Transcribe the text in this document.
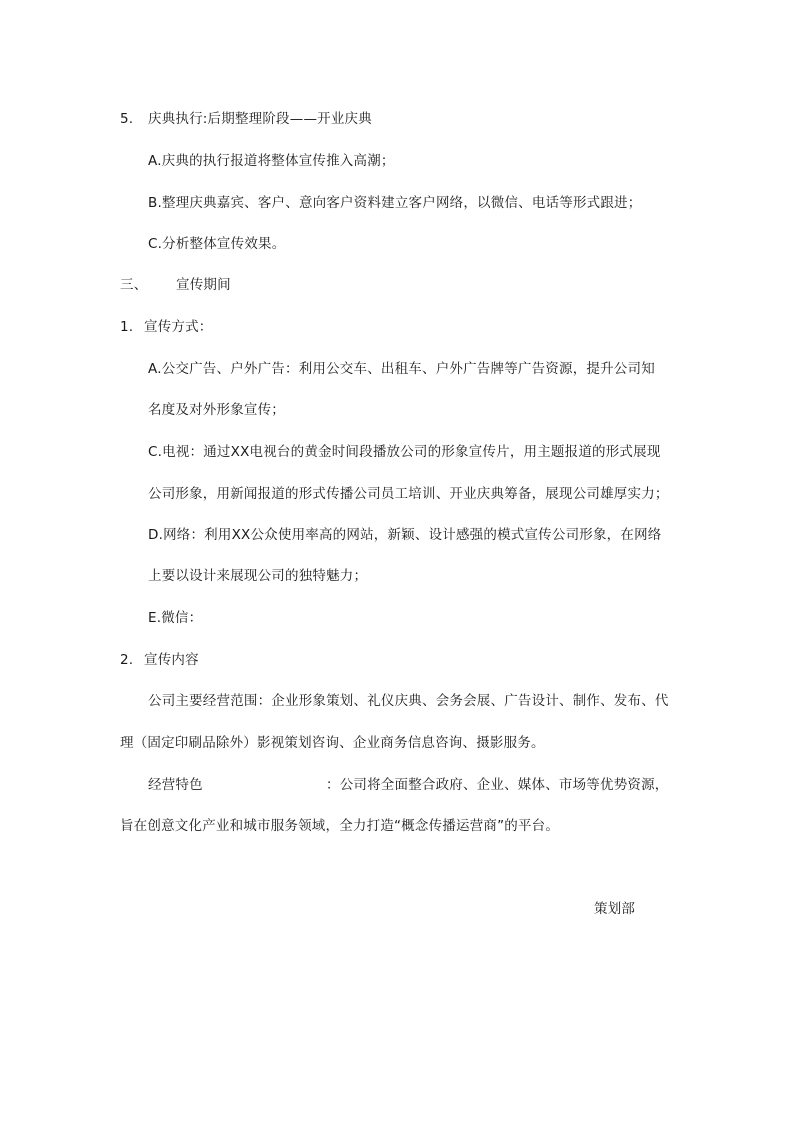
5. 庆典执行:后期整理阶段——开业庆典
A.庆典的执行报道将整体宣传推入高潮；
B.整理庆典嘉宾、客户、意向客户资料建立客户网络，以微信、电话等形式跟进；
C.分析整体宣传效果。
三、 宣传期间
1. 宣传方式：
A.公交广告、户外广告：利用公交车、出租车、户外广告牌等广告资源，提升公司知
名度及对外形象宣传；
C.电视：通过XX电视台的黄金时间段播放公司的形象宣传片，用主题报道的形式展现
公司形象，用新闻报道的形式传播公司员工培训、开业庆典筹备，展现公司雄厚实力；
D.网络：利用XX公众使用率高的网站，新颖、设计感强的模式宣传公司形象，在网络
上要以设计来展现公司的独特魅力；
E.微信：
2. 宣传内容
公司主要经营范围：企业形象策划、礼仪庆典、会务会展、广告设计、制作、发布、代
理（固定印刷品除外）影视策划咨询、企业商务信息咨询、摄影服务。
经营特色	：公司将全面整合政府、企业、媒体、市场等优势资源，
旨在创意文化产业和城市服务领域，全力打造“概念传播运营商”的平台。
策划部
